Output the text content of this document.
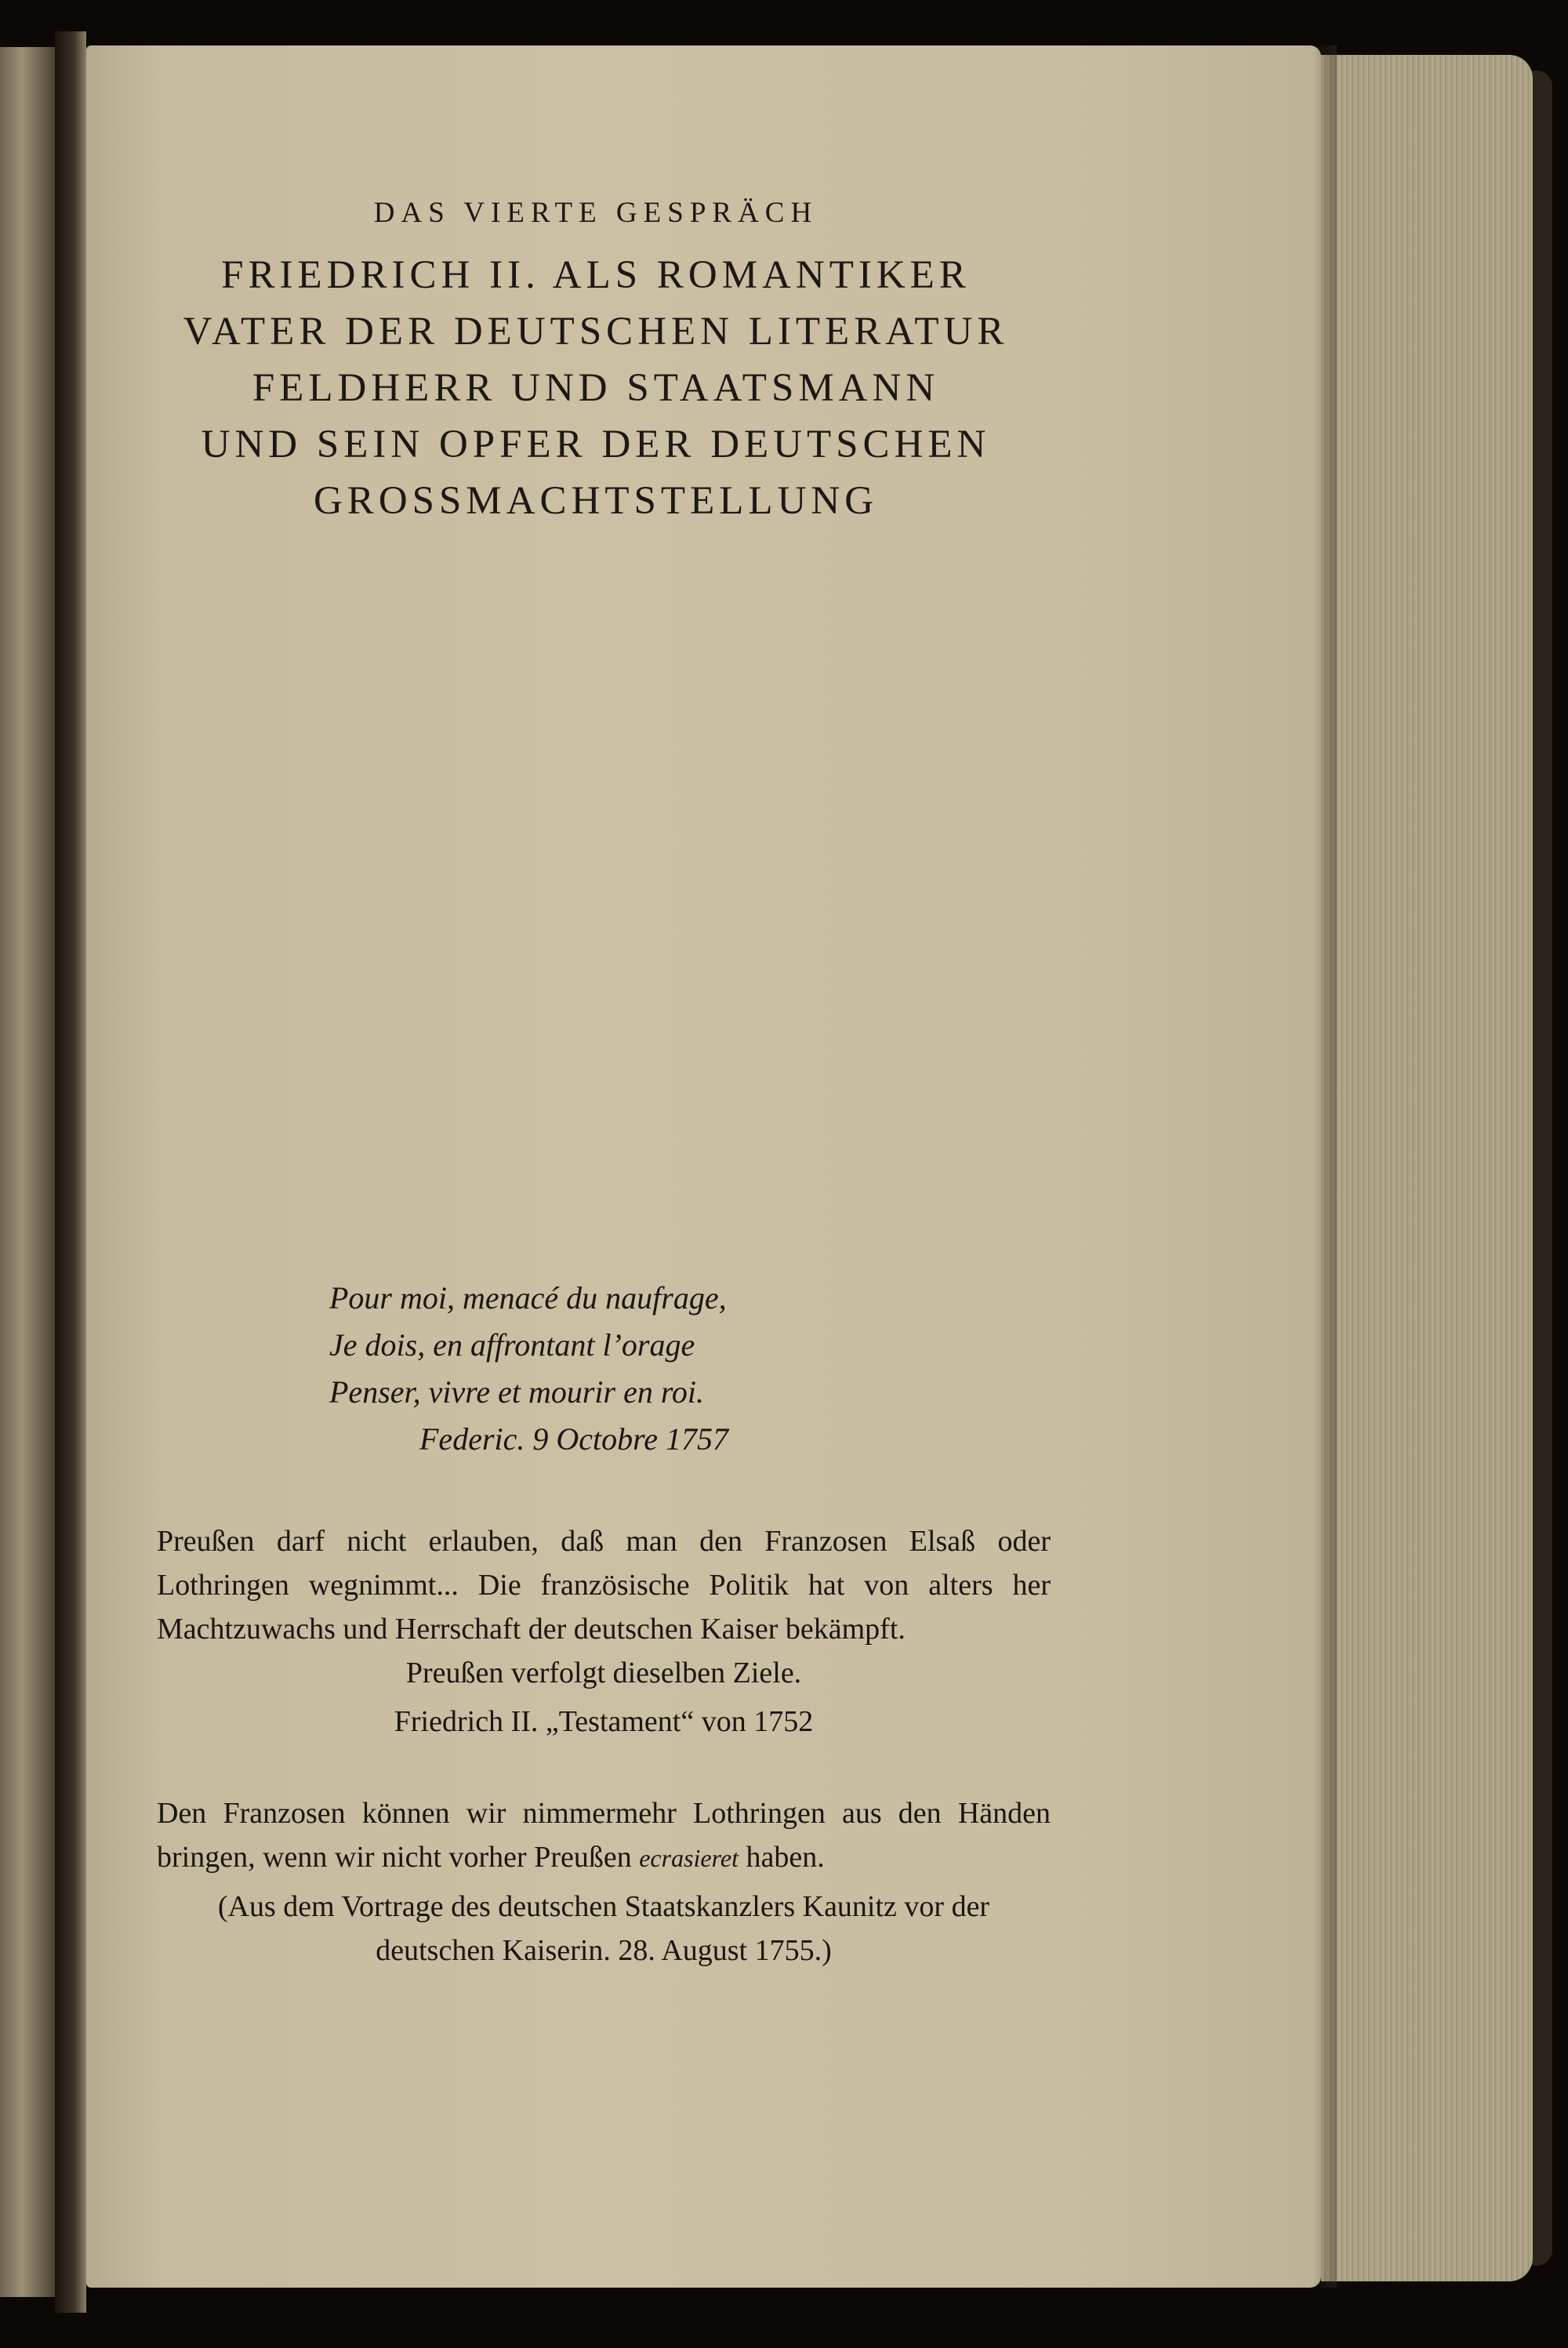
DAS VIERTE GESPRÄCH
FRIEDRICH II. ALS ROMANTIKER
VATER DER DEUTSCHEN LITERATUR
FELDHERR UND STAATSMANN
UND SEIN OPFER DER DEUTSCHEN
GROSSMACHTSTELLUNG
Pour moi, menacé du naufrage,
Je dois, en affrontant l’orage
Penser, vivre et mourir en roi.
Federic. 9 Octobre 1757
Preußen darf nicht erlauben, daß man den Franzosen Elsaß oder Lothringen wegnimmt... Die französische Politik hat von alters her Machtzuwachs und Herrschaft der deutschen Kaiser bekämpft.
Preußen verfolgt dieselben Ziele.
Friedrich II. „Testament“ von 1752
Den Franzosen können wir nimmermehr Lothringen aus den Händen bringen, wenn wir nicht vorher Preußen ecrasieret haben.
(Aus dem Vortrage des deutschen Staatskanzlers Kaunitz vor der
deutschen Kaiserin. 28. August 1755.)
